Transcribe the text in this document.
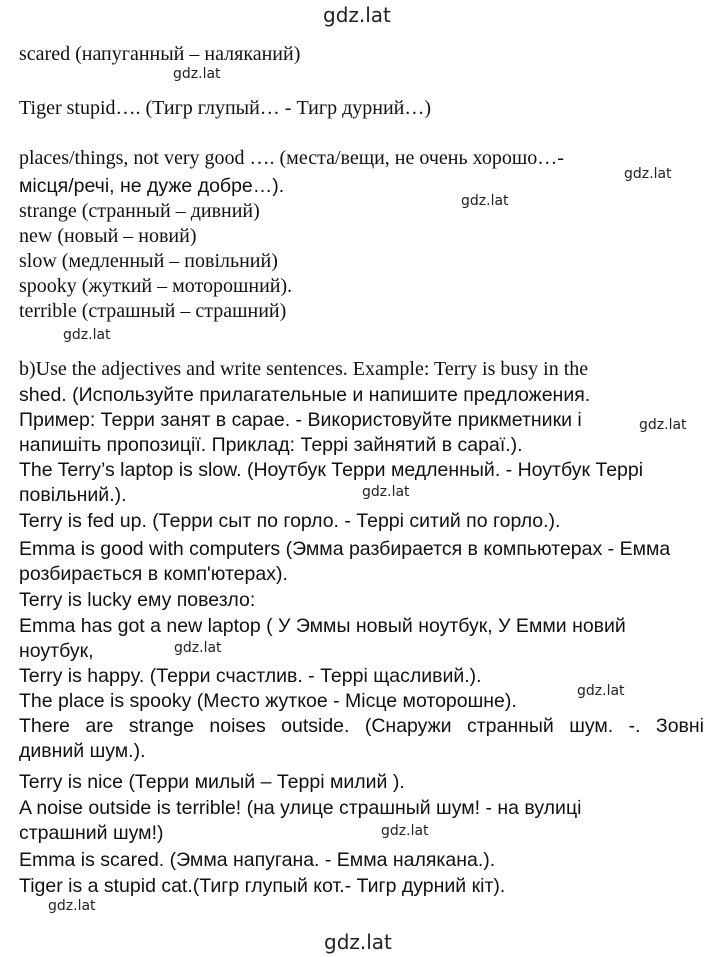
gdz.lat
gdz.lat
gdz.lat
gdz.lat
gdz.lat
gdz.lat
gdz.lat
gdz.lat
gdz.lat
gdz.lat
gdz.lat
gdz.lat
scared (напуганный – наляканий)
Tiger stupid…. (Тигр глупый… - Тигр дурний…)
places/things, not very good …. (места/вещи, не очень хорошо…-
місця/речі, не дуже добре…).
strange (странный – дивний)
new (новый – новий)
slow (медленный – повільний)
spooky (жуткий – моторошний).
terrible (страшный – страшний)
b)Use the adjectives and write sentences. Example: Terry is busy in the
shed. (Используйте прилагательные и напишите предложения.
Пример: Терри занят в сарае. - Використовуйте прикметники і
напишіть пропозиції. Приклад: Террі зайнятий в сараї.).
The Terry’s laptop is slow. (Ноутбук Терри медленный. - Ноутбук Террі
повільний.).
Terry is fed up. (Терри сыт по горло. - Террі ситий по горло.).
Emma is good with computers (Эмма разбирается в компьютерах - Емма
розбирається в комп'ютерах).
Terry is lucky ему повезло:
Emma has got a new laptop ( У Эммы новый ноутбук, У Емми новий
ноутбук,
Terry is happy. (Терри счастлив. - Террі щасливий.).
The place is spooky (Место жуткое - Місце моторошне).
There are strange noises outside. (Снаружи странный шум. -. Зовні
дивний шум.).
Terry is nice (Терри милый – Террі милий ).
A noise outside is terrible! (на улице страшный шум! - на вулиці
страшний шум!)
Emma is scared. (Эмма напугана. - Емма налякана.).
Tiger is a stupid cat.(Тигр глупый кот.- Тигр дурний кіт).
